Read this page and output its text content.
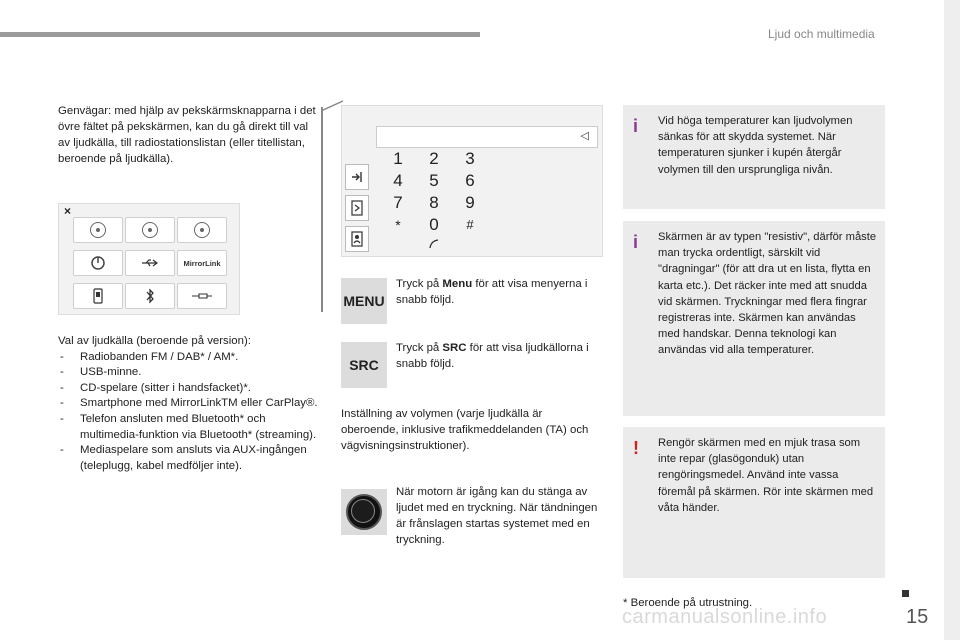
Ljud och multimedia

Genvägar: med hjälp av pekskärmsknapparna i det övre fältet på pekskärmen, kan du gå direkt till val av ljudkälla, till radiostationslistan (eller titellistan, beroende på ljudkälla).

×
MirrorLink
Val av ljudkälla (beroende på version):
- Radiobanden FM / DAB* / AM*.
- USB-minne.
- CD-spelare (sitter i handsfacket)*.
- Smartphone med MirrorLinkTM eller CarPlay®.
- Telefon ansluten med Bluetooth* och multimedia-funktion via Bluetooth* (streaming).
- Mediaspelare som ansluts via AUX-ingången (teleplugg, kabel medföljer inte).
◁
1	2	3
4	5	6
7	8	9
*	0	#
MENU

Tryck på Menu för att visa menyerna i snabb följd.

SRC

Tryck på SRC för att visa ljudkällorna i snabb följd.

Inställning av volymen (varje ljudkälla är oberoende, inklusive trafikmeddelanden (TA) och vägvisningsinstruktioner).

När motorn är igång kan du stänga av ljudet med en tryckning. När tändningen är frånslagen startas systemet med en tryckning.

i Vid höga temperaturer kan ljudvolymen sänkas för att skydda systemet. När temperaturen sjunker i kupén återgår volymen till den ursprungliga nivån.

i Skärmen är av typen "resistiv", därför måste man trycka ordentligt, särskilt vid "dragningar" (för att dra ut en lista, flytta en karta etc.). Det räcker inte med att snudda vid skärmen. Tryckningar med flera fingrar registreras inte. Skärmen kan användas med handskar. Denna teknologi kan användas vid alla temperaturer.

! Rengör skärmen med en mjuk trasa som inte repar (glasögonduk) utan rengöringsmedel. Använd inte vassa föremål på skärmen. Rör inte skärmen med våta händer.

* Beroende på utrustning.
carmanualsonline.info	15
